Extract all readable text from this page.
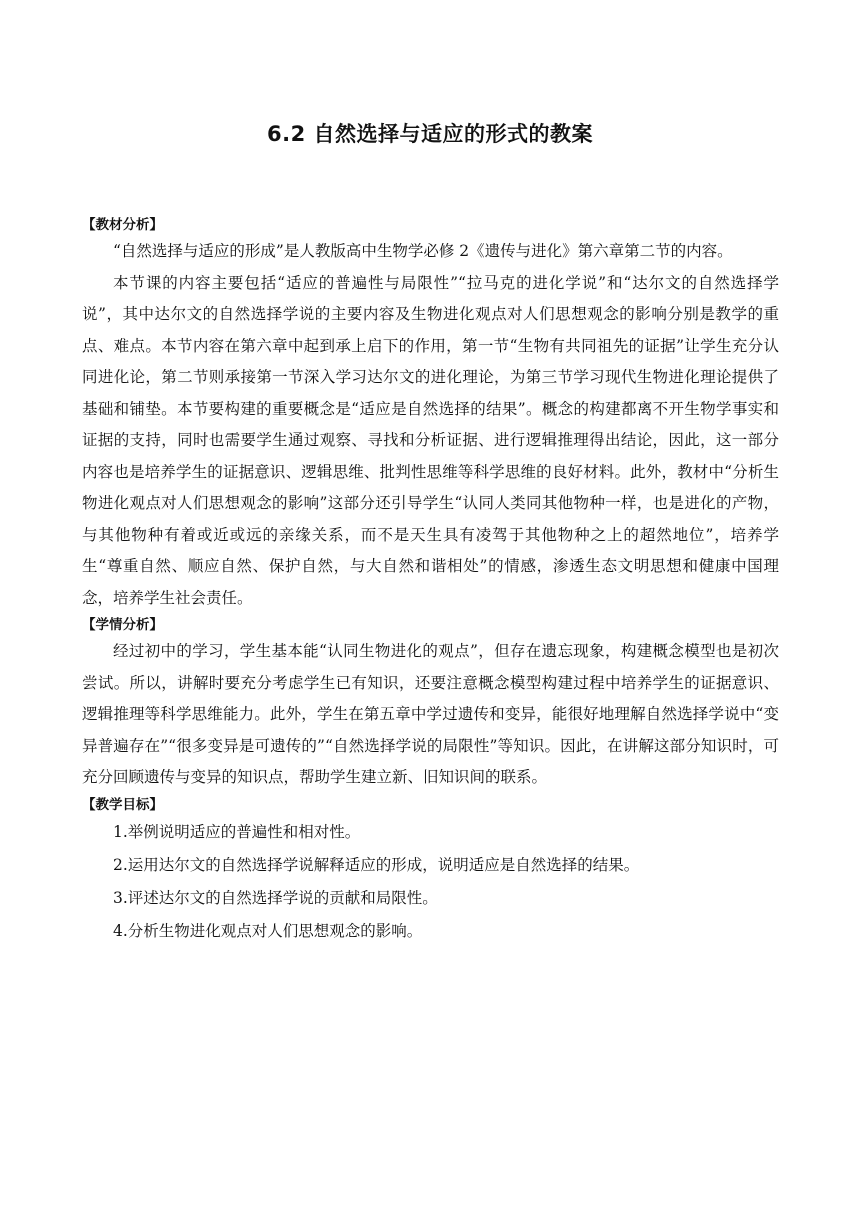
6.2 自然选择与适应的形式的教案
【教材分析】

“自然选择与适应的形成”是人教版高中生物学必修 2《遗传与进化》第六章第二节的内容。

本节课的内容主要包括“适应的普遍性与局限性”“拉马克的进化学说”和“达尔文的自然选择学说”，其中达尔文的自然选择学说的主要内容及生物进化观点对人们思想观念的影响分别是教学的重点、难点。本节内容在第六章中起到承上启下的作用，第一节“生物有共同祖先的证据”让学生充分认同进化论，第二节则承接第一节深入学习达尔文的进化理论，为第三节学习现代生物进化理论提供了基础和铺垫。本节要构建的重要概念是“适应是自然选择的结果”。概念的构建都离不开生物学事实和证据的支持，同时也需要学生通过观察、寻找和分析证据、进行逻辑推理得出结论，因此，这一部分内容也是培养学生的证据意识、逻辑思维、批判性思维等科学思维的良好材料。此外，教材中“分析生物进化观点对人们思想观念的影响”这部分还引导学生“认同人类同其他物种一样，也是进化的产物，与其他物种有着或近或远的亲缘关系，而不是天生具有凌驾于其他物种之上的超然地位”，培养学生“尊重自然、顺应自然、保护自然，与大自然和谐相处”的情感，渗透生态文明思想和健康中国理念，培养学生社会责任。

【学情分析】

经过初中的学习，学生基本能“认同生物进化的观点”，但存在遗忘现象，构建概念模型也是初次尝试。所以，讲解时要充分考虑学生已有知识，还要注意概念模型构建过程中培养学生的证据意识、逻辑推理等科学思维能力。此外，学生在第五章中学过遗传和变异，能很好地理解自然选择学说中“变异普遍存在”“很多变异是可遗传的”“自然选择学说的局限性”等知识。因此，在讲解这部分知识时，可充分回顾遗传与变异的知识点，帮助学生建立新、旧知识间的联系。

【教学目标】

1.举例说明适应的普遍性和相对性。

2.运用达尔文的自然选择学说解释适应的形成，说明适应是自然选择的结果。

3.评述达尔文的自然选择学说的贡献和局限性。

4.分析生物进化观点对人们思想观念的影响。
